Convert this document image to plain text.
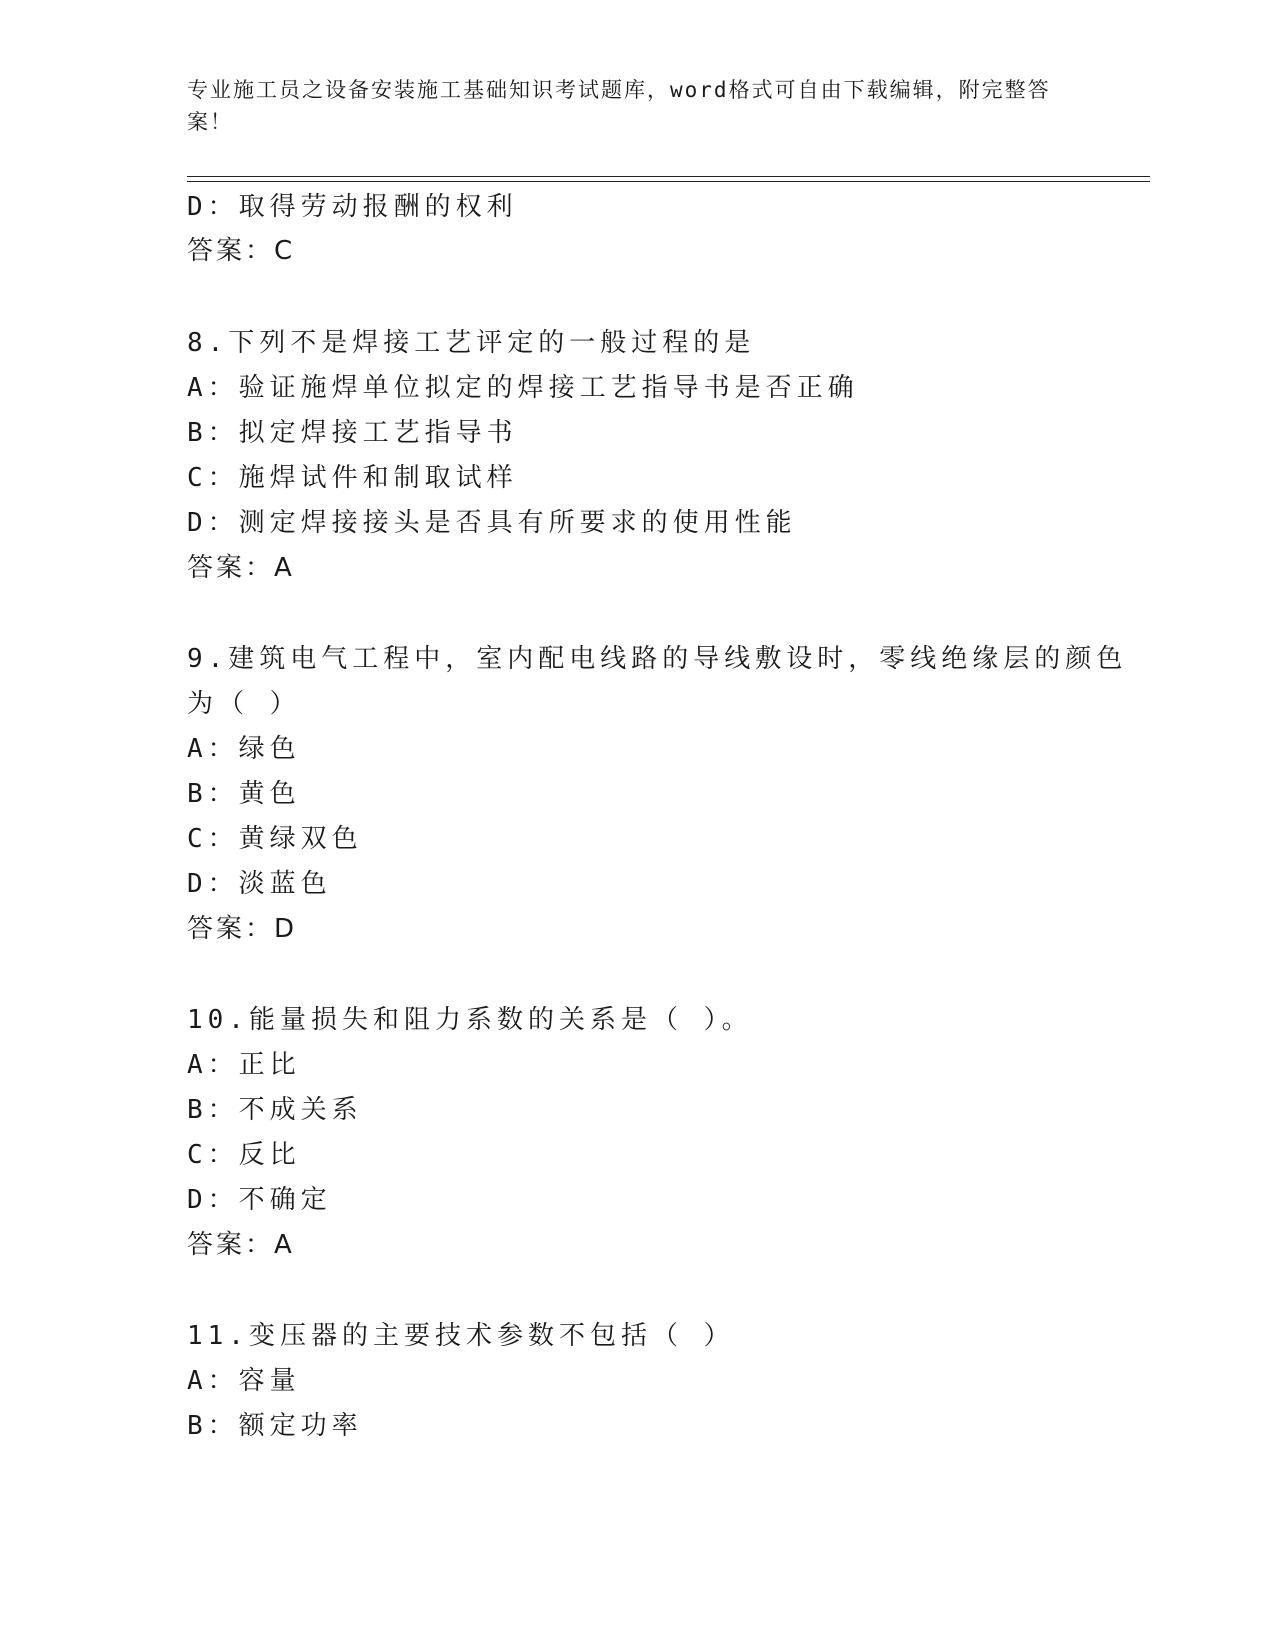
专业施工员之设备安装施工基础知识考试题库，word格式可自由下载编辑，附完整答案！
D：取得劳动报酬的权利
答案：C
8.下列不是焊接工艺评定的一般过程的是
A：验证施焊单位拟定的焊接工艺指导书是否正确
B：拟定焊接工艺指导书
C：施焊试件和制取试样
D：测定焊接接头是否具有所要求的使用性能
答案：A
9.建筑电气工程中，室内配电线路的导线敷设时，零线绝缘层的颜色
为（ ）
A：绿色
B：黄色
C：黄绿双色
D：淡蓝色
答案：D
10.能量损失和阻力系数的关系是（ ）。
A：正比
B：不成关系
C：反比
D：不确定
答案：A
11.变压器的主要技术参数不包括（ ）
A：容量
B：额定功率
